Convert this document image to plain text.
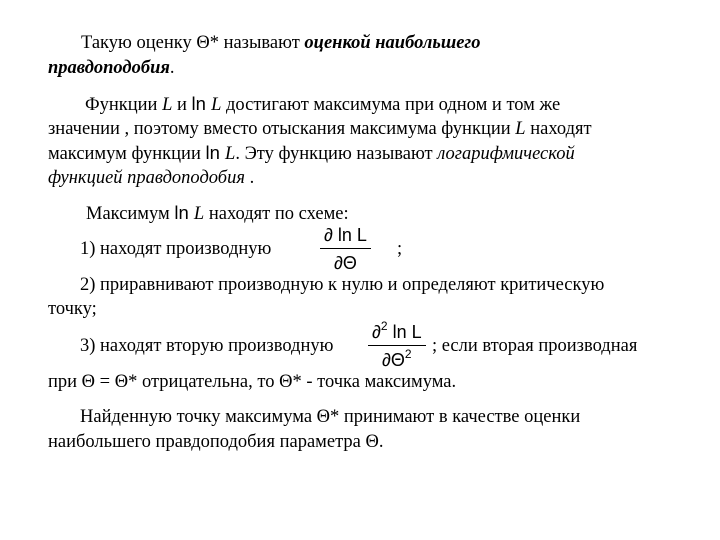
Такую оценку Θ* называют оценкой наибольшего
правдоподобия.
Функции L и ln L достигают максимума при одном и том же
значении , поэтому вместо отыскания максимума функции L находят
максимум функции ln L. Эту функцию называют логарифмической
функцией правдоподобия .
Максимум ln L находят по схеме:
1) находят производную
∂ ln L
∂Θ
;
2) приравнивают производную к нулю и определяют критическую
точку;
3) находят вторую производную
∂$^2$ ln L
$\partial\Theta^2$ ; если вторая производная
при Θ = Θ* отрицательна, то Θ* - точка максимума.
Найденную точку максимума Θ* принимают в качестве оценки
наибольшего правдоподобия параметра Θ.
